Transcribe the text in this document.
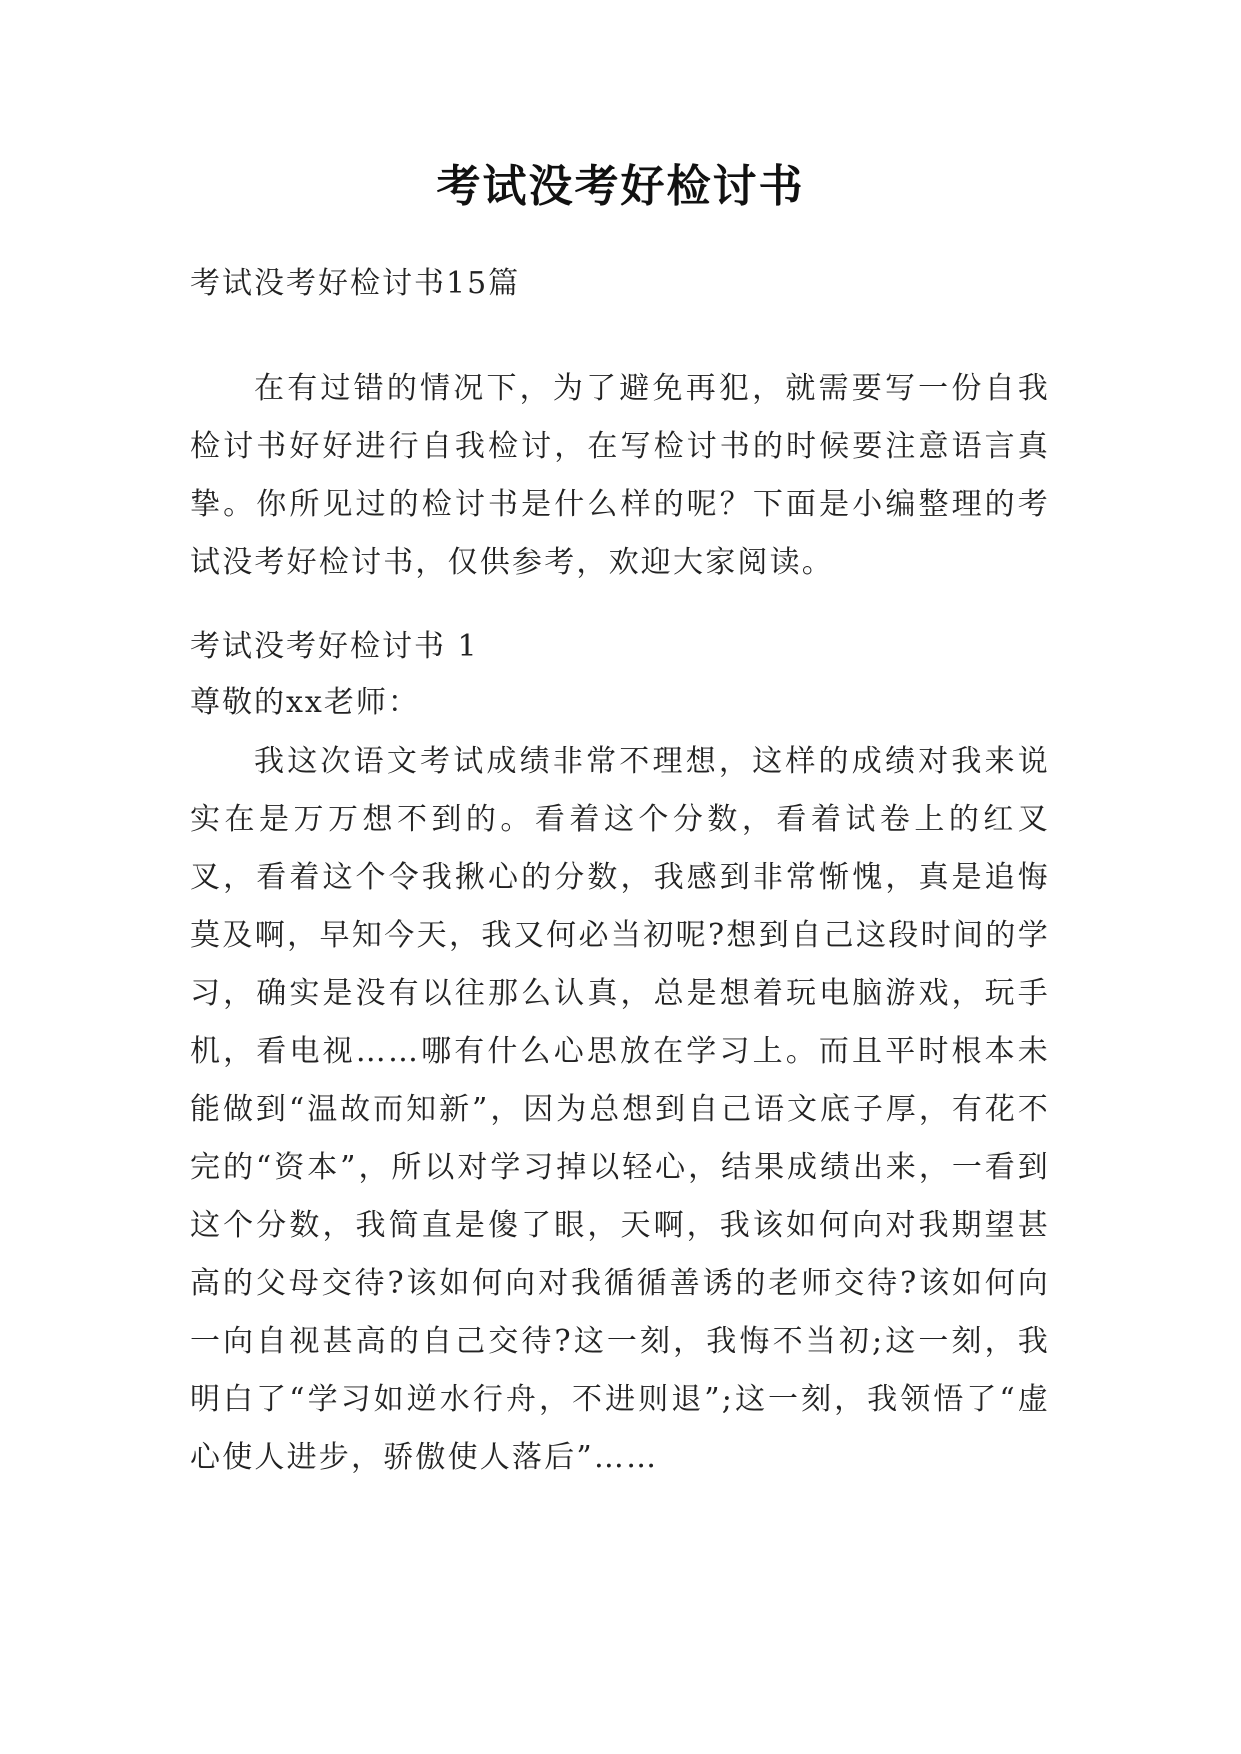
考试没考好检讨书
考试没考好检讨书15篇
在有过错的情况下，为了避免再犯，就需要写一份自我检讨书好好进行自我检讨，在写检讨书的时候要注意语言真挚。你所见过的检讨书是什么样的呢？下面是小编整理的考试没考好检讨书，仅供参考，欢迎大家阅读。
考试没考好检讨书 1
尊敬的xx老师：
我这次语文考试成绩非常不理想，这样的成绩对我来说实在是万万想不到的。看着这个分数，看着试卷上的红叉叉，看着这个令我揪心的分数，我感到非常惭愧，真是追悔莫及啊，早知今天，我又何必当初呢?想到自己这段时间的学习，确实是没有以往那么认真，总是想着玩电脑游戏，玩手机，看电视……哪有什么心思放在学习上。而且平时根本未能做到“温故而知新”，因为总想到自己语文底子厚，有花不完的“资本”，所以对学习掉以轻心，结果成绩出来，一看到这个分数，我简直是傻了眼，天啊，我该如何向对我期望甚高的父母交待?该如何向对我循循善诱的老师交待?该如何向一向自视甚高的自己交待?这一刻，我悔不当初;这一刻，我明白了“学习如逆水行舟，不进则退”;这一刻，我领悟了“虚心使人进步，骄傲使人落后”……
